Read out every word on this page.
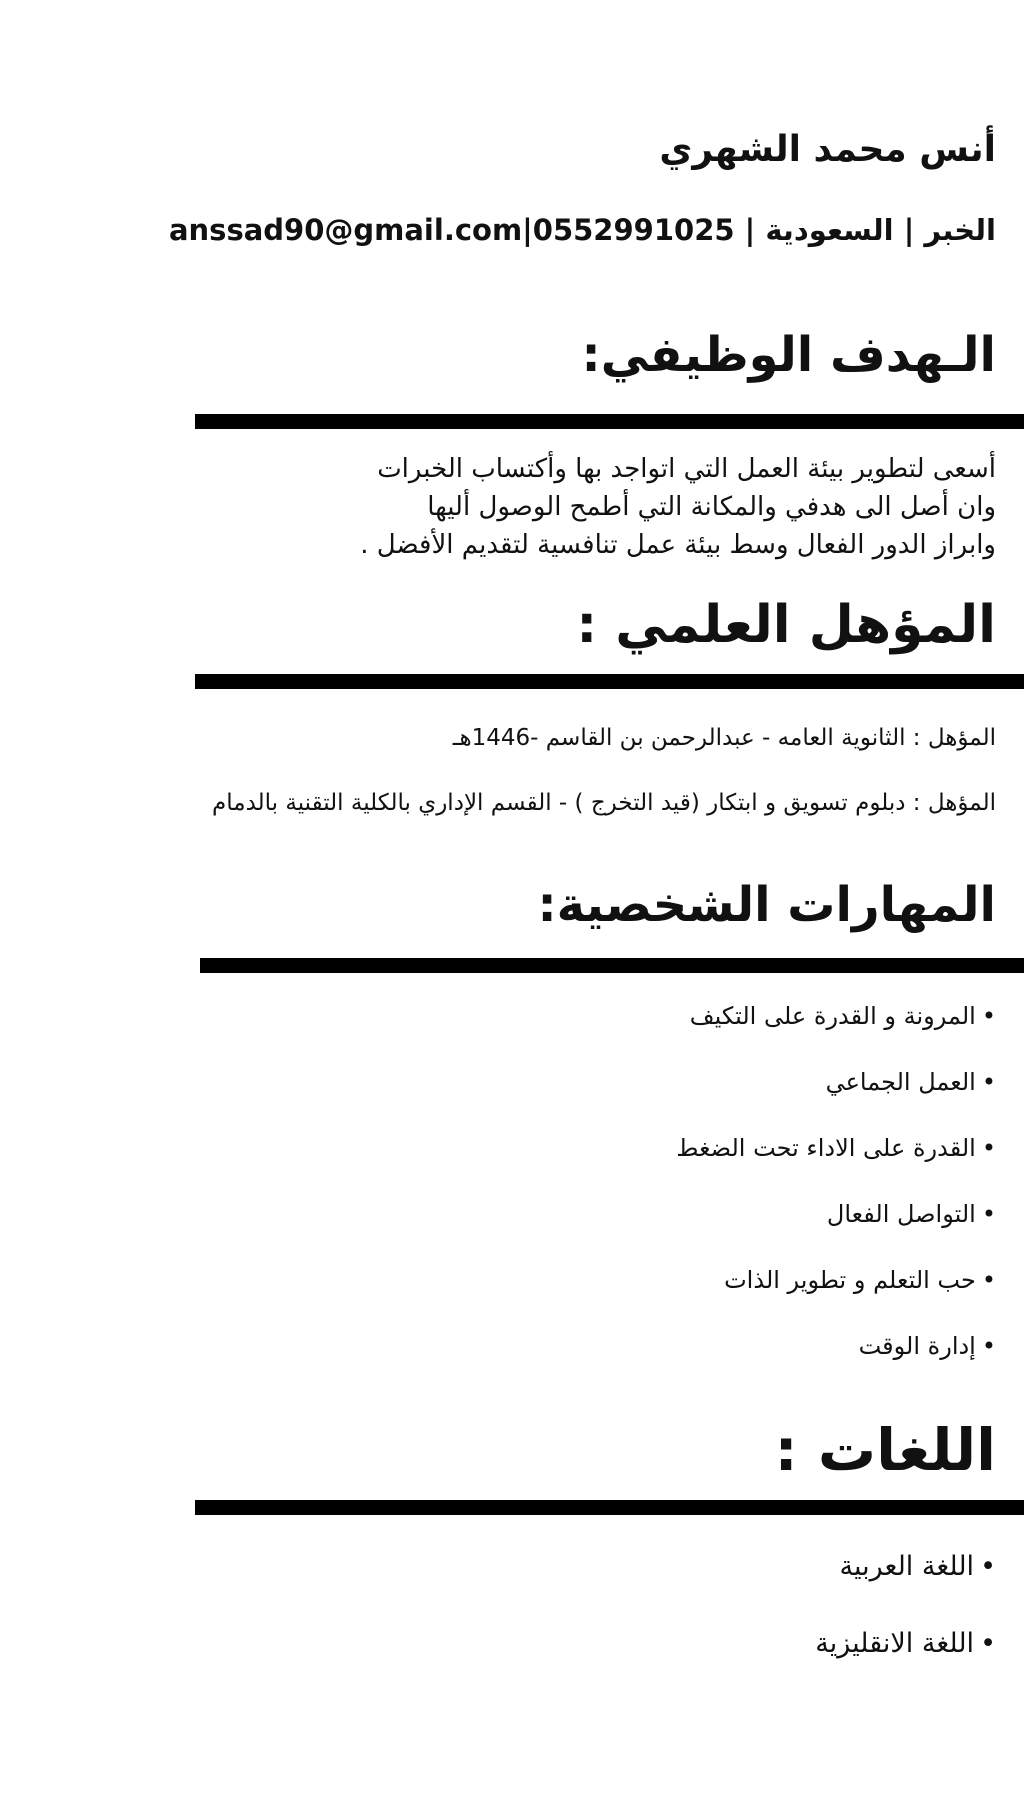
أنس محمد الشهري
الخبر | السعودية | 0552991025|anssad90@gmail.com
الـهدف الوظيفي:
أسعى لتطوير بيئة العمل التي اتواجد بها وأكتساب الخبرات
وان أصل الى هدفي والمكانة التي أطمح الوصول أليها
وابراز الدور الفعال وسط بيئة عمل تنافسية لتقديم الأفضل .
المؤهل العلمي :
المؤهل : الثانوية العامه - عبدالرحمن بن القاسم -1446هـ
المؤهل : دبلوم تسويق و ابتكار (قيد التخرج ) - القسم الإداري بالكلية التقنية بالدمام
المهارات الشخصية:
•المرونة و القدرة على التكيف
•العمل الجماعي
•القدرة على الاداء تحت الضغط
•التواصل الفعال
•حب التعلم و تطوير الذات
•إدارة الوقت
اللغات :
•اللغة العربية
•اللغة الانقليزية
